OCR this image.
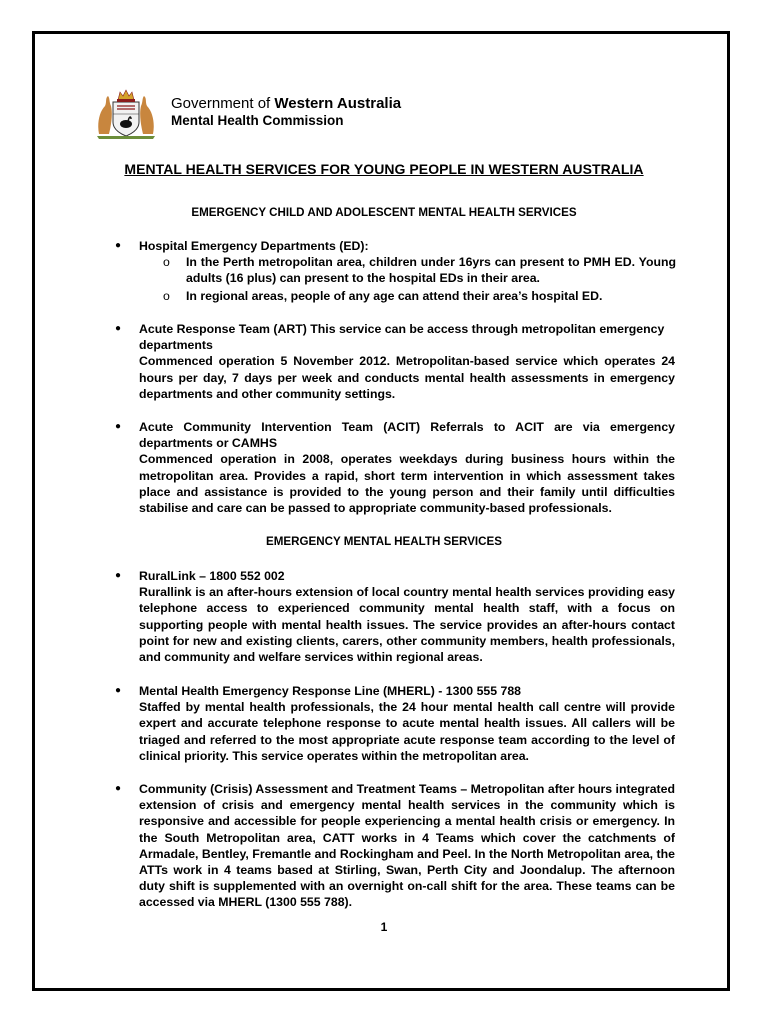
Government of Western Australia
Mental Health Commission
MENTAL HEALTH SERVICES FOR YOUNG PEOPLE IN WESTERN AUSTRALIA
EMERGENCY CHILD AND ADOLESCENT MENTAL HEALTH SERVICES
● Hospital Emergency Departments (ED):
o In the Perth metropolitan area, children under 16yrs can present to PMH ED. Young adults (16 plus) can present to the hospital EDs in their area.
o In regional areas, people of any age can attend their area’s hospital ED.
● Acute Response Team (ART) This service can be access through metropolitan emergency departments
Commenced operation 5 November 2012. Metropolitan-based service which operates 24 hours per day, 7 days per week and conducts mental health assessments in emergency departments and other community settings.
● Acute Community Intervention Team (ACIT) Referrals to ACIT are via emergency departments or CAMHS
Commenced operation in 2008, operates weekdays during business hours within the metropolitan area. Provides a rapid, short term intervention in which assessment takes place and assistance is provided to the young person and their family until difficulties stabilise and care can be passed to appropriate community-based professionals.
EMERGENCY MENTAL HEALTH SERVICES
● RuralLink – 1800 552 002
Rurallink is an after-hours extension of local country mental health services providing easy telephone access to experienced community mental health staff, with a focus on supporting people with mental health issues. The service provides an after-hours contact point for new and existing clients, carers, other community members, health professionals, and community and welfare services within regional areas.
● Mental Health Emergency Response Line (MHERL) - 1300 555 788
Staffed by mental health professionals, the 24 hour mental health call centre will provide expert and accurate telephone response to acute mental health issues. All callers will be triaged and referred to the most appropriate acute response team according to the level of clinical priority. This service operates within the metropolitan area.
● Community (Crisis) Assessment and Treatment Teams – Metropolitan after hours integrated extension of crisis and emergency mental health services in the community which is responsive and accessible for people experiencing a mental health crisis or emergency. In the South Metropolitan area, CATT works in 4 Teams which cover the catchments of Armadale, Bentley, Fremantle and Rockingham and Peel. In the North Metropolitan area, the ATTs work in 4 teams based at Stirling, Swan, Perth City and Joondalup. The afternoon duty shift is supplemented with an overnight on-call shift for the area. These teams can be accessed via MHERL (1300 555 788).
1
